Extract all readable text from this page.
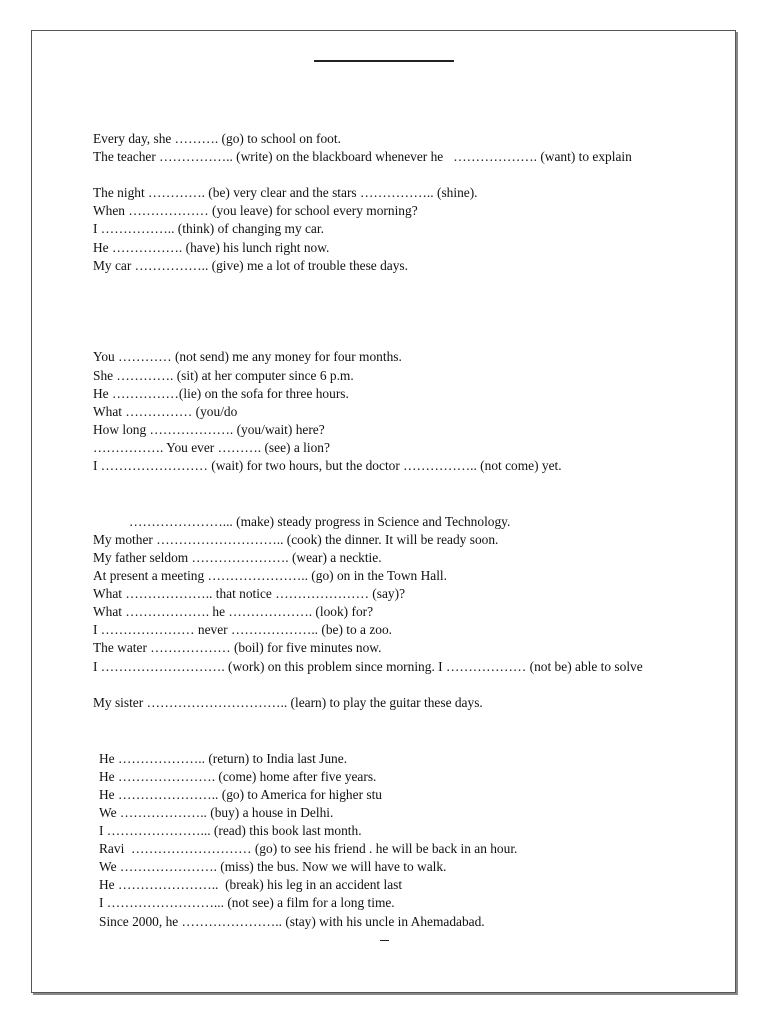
Every day, she ………. (go) to school on foot.
The teacher …………….. (write) on the blackboard whenever he   ………………. (want) to explain
The night …………. (be) very clear and the stars …………….. (shine).
When ……………… (you leave) for school every morning?
I …………….. (think) of changing my car.
He ……………. (have) his lunch right now.
My car …………….. (give) me a lot of trouble these days.
You ………… (not send) me any money for four months.
She …………. (sit) at her computer since 6 p.m.
He ……………(lie) on the sofa for three hours.
What …………… (you/do
How long ………………. (you/wait) here?
……………. You ever ………. (see) a lion?
I …………………… (wait) for two hours, but the doctor …………….. (not come) yet.
…………………... (make) steady progress in Science and Technology.
My mother ……………………….. (cook) the dinner. It will be ready soon.
My father seldom …………………. (wear) a necktie.
At present a meeting ………………….. (go) on in the Town Hall.
What ……………….. that notice ………………… (say)?
What ………………. he ………………. (look) for?
I ………………… never ……………….. (be) to a zoo.
The water ……………… (boil) for five minutes now.
I ………………………. (work) on this problem since morning. I ……………… (not be) able to solve
My sister ………………………….. (learn) to play the guitar these days.
He ……………….. (return) to India last June.
He …………………. (come) home after five years.
He ………………….. (go) to America for higher stu
We ……………….. (buy) a house in Delhi.
I …………………... (read) this book last month.
Ravi  ……………………… (go) to see his friend . he will be back in an hour.
We …………………. (miss) the bus. Now we will have to walk.
He …………………..  (break) his leg in an accident last
I ……………………... (not see) a film for a long time.
Since 2000, he ………………….. (stay) with his uncle in Ahemadabad.
